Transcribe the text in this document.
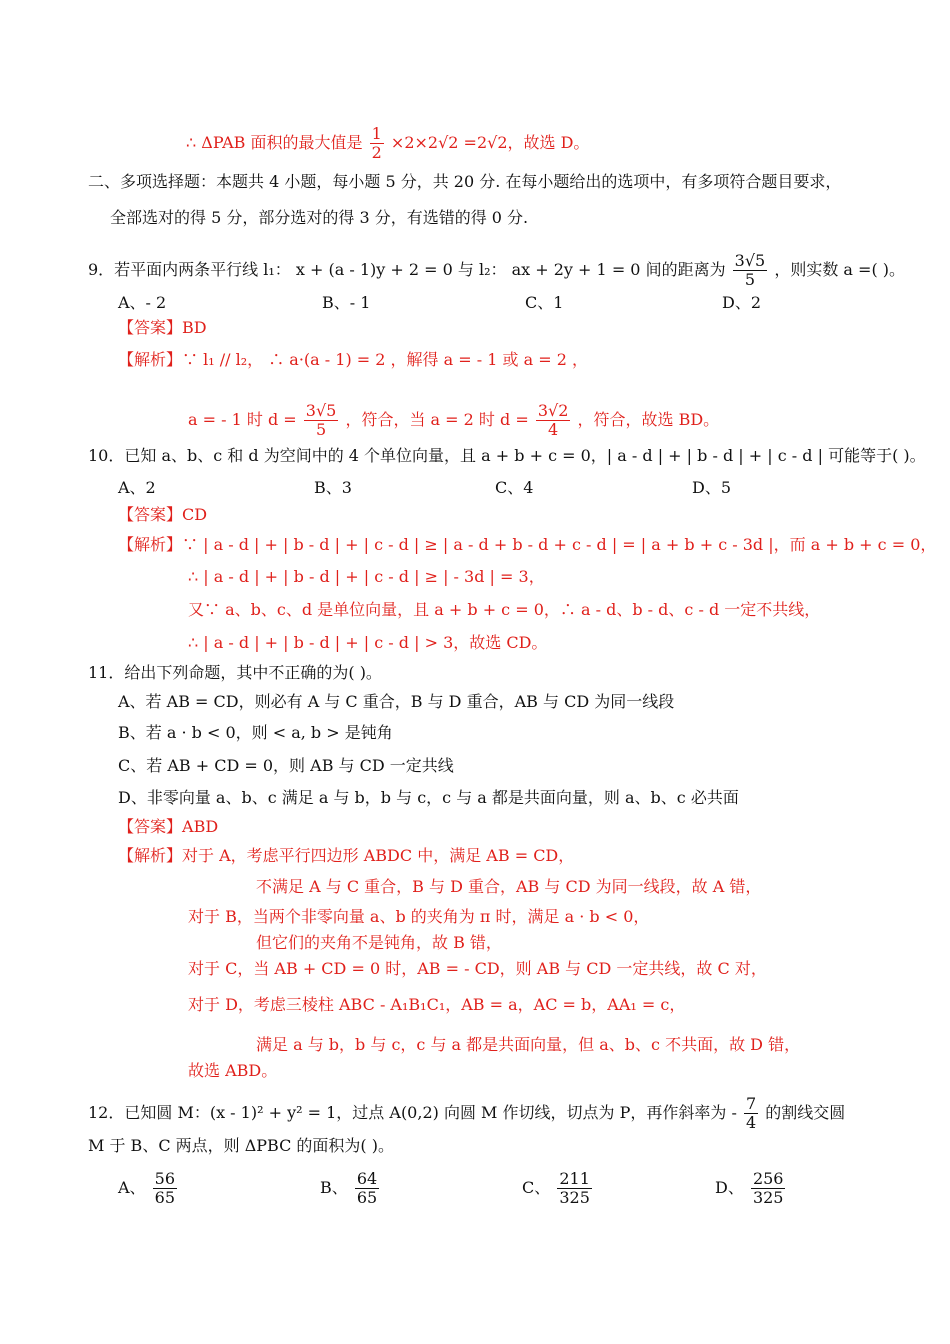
∴ ΔPAB 面积的最大值是 $\frac{1}{2} \times 2\times 2√2 =2√2$，故选 D。
二、多项选择题：本题共 4 小题，每小题 5 分，共 20 分. 在每小题给出的选项中，有多项符合题目要求，
全部选对的得 5 分，部分选对的得 3 分，有选错的得 0 分.
9．若平面内两条平行线 l₁： x + (a - 1)y + 2 = 0 与 l₂： ax + 2y + 1 = 0 间的距离为 $\frac{3√5}{5}$ ，则实数 a =( )。
A、- 2	B、- 1	C、1	D、2
【答案】BD
【解析】∵ l₁ // l₂， ∴ a·(a - 1) = 2 ，解得 a = - 1 或 a = 2 ，
a = - 1 时 $d = \frac{3√5}{5}$ ，符合，当 a = 2 时 $d = \frac{3√2}{4}$ ，符合，故选 BD。
10．已知 a、b、c 和 d 为空间中的 4 个单位向量，且 a + b + c = 0，| a - d | + | b - d | + | c - d | 可能等于( )。
A、2	B、3	C、4	D、5
【答案】CD
【解析】∵ | a - d | + | b - d | + | c - d | ≥ | a - d + b - d + c - d | = | a + b + c - 3d |，而 a + b + c = 0，
∴ | a - d | + | b - d | + | c - d | ≥ | - 3d | = 3，
又∵ a、b、c、d 是单位向量，且 a + b + c = 0，∴ a - d、b - d、c - d 一定不共线，
∴ | a - d | + | b - d | + | c - d | > 3，故选 CD。
11．给出下列命题，其中不正确的为( )。
A、若 AB = CD，则必有 A 与 C 重合，B 与 D 重合，AB 与 CD 为同一线段
B、若 a · b < 0，则 < a, b > 是钝角
C、若 AB + CD = 0，则 AB 与 CD 一定共线
D、非零向量 a、b、c 满足 a 与 b，b 与 c，c 与 a 都是共面向量，则 a、b、c 必共面
【答案】ABD
【解析】对于 A，考虑平行四边形 ABDC 中，满足 AB = CD，
不满足 A 与 C 重合，B 与 D 重合，AB 与 CD 为同一线段，故 A 错，
对于 B，当两个非零向量 a、b 的夹角为 π 时，满足 a · b < 0，
但它们的夹角不是钝角，故 B 错，
对于 C，当 AB + CD = 0 时，AB = - CD，则 AB 与 CD 一定共线，故 C 对，
对于 D，考虑三棱柱 ABC - A₁B₁C₁，AB = a，AC = b，AA₁ = c，
满足 a 与 b，b 与 c，c 与 a 都是共面向量，但 a、b、c 不共面，故 D 错，
故选 ABD。
12．已知圆 M：(x - 1)² + y² = 1，过点 A(0,2) 向圆 M 作切线，切点为 P，再作斜率为 - $\frac{7}{4}$ 的割线交圆
M 于 B、C 两点，则 ΔPBC 的面积为( )。
A、 $\frac{56}{65}$	B、 $\frac{64}{65}$	C、 $\frac{211}{325}$	D、 $\frac{256}{325}$
